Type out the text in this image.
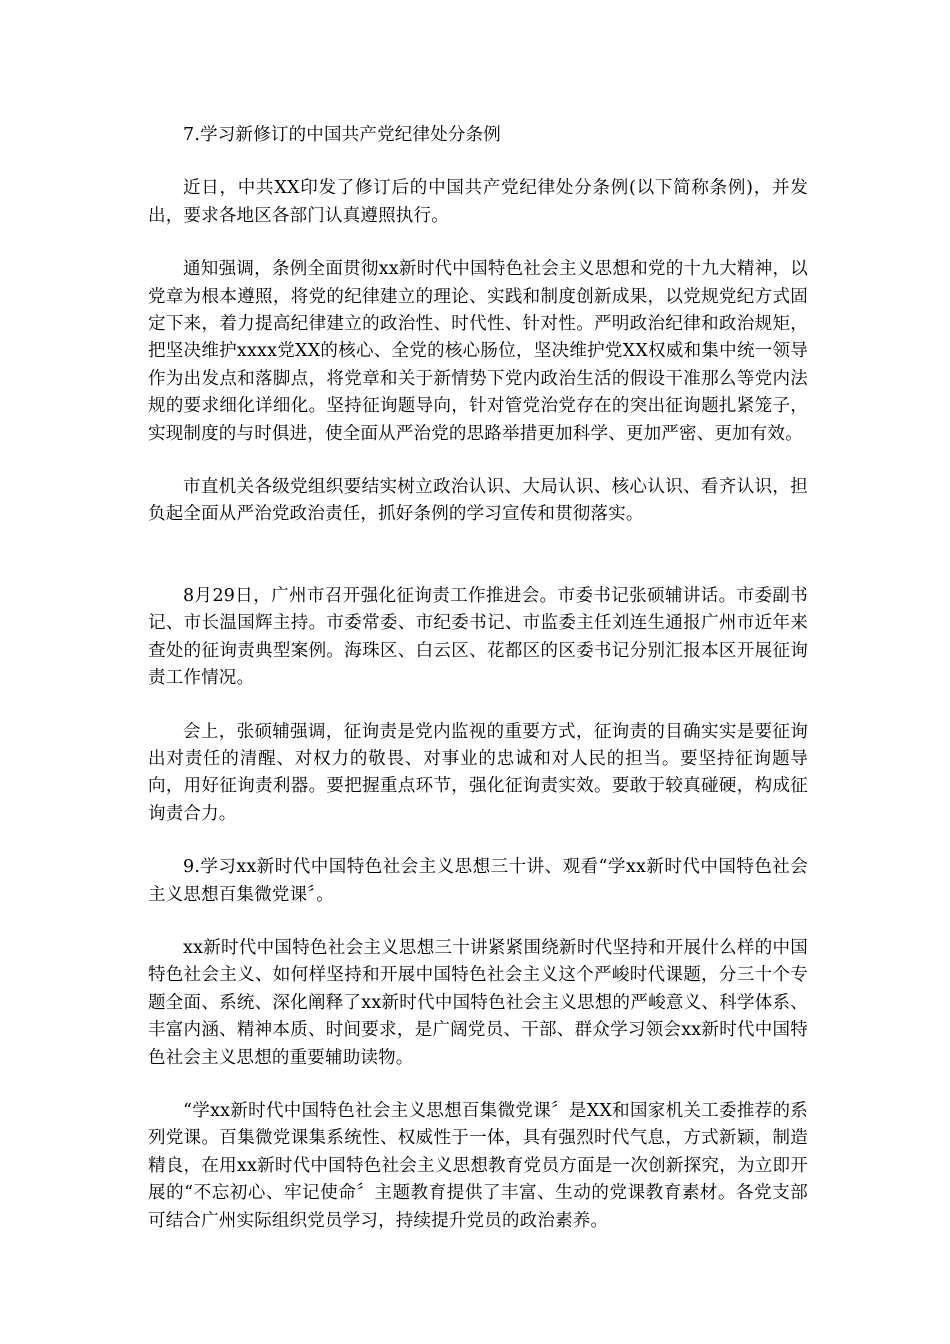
7.学习新修订的中国共产党纪律处分条例

近日，中共XX印发了修订后的中国共产党纪律处分条例(以下简称条例)，并发出，要求各地区各部门认真遵照执行。

通知强调，条例全面贯彻xx新时代中国特色社会主义思想和党的十九大精神，以党章为根本遵照，将党的纪律建立的理论、实践和制度创新成果，以党规党纪方式固定下来，着力提高纪律建立的政治性、时代性、针对性。严明政治纪律和政治规矩，把坚决维护xxxx党XX的核心、全党的核心肠位，坚决维护党XX权威和集中统一领导作为出发点和落脚点，将党章和关于新情势下党内政治生活的假设干准那么等党内法规的要求细化详细化。坚持征询题导向，针对管党治党存在的突出征询题扎紧笼子，实现制度的与时俱进，使全面从严治党的思路举措更加科学、更加严密、更加有效。

市直机关各级党组织要结实树立政治认识、大局认识、核心认识、看齐认识，担负起全面从严治党政治责任，抓好条例的学习宣传和贯彻落实。

8月29日，广州市召开强化征询责工作推进会。市委书记张硕辅讲话。市委副书记、市长温国辉主持。市委常委、市纪委书记、市监委主任刘连生通报广州市近年来查处的征询责典型案例。海珠区、白云区、花都区的区委书记分别汇报本区开展征询责工作情况。

会上，张硕辅强调，征询责是党内监视的重要方式，征询责的目确实实是要征询出对责任的清醒、对权力的敬畏、对事业的忠诚和对人民的担当。要坚持征询题导向，用好征询责利器。要把握重点环节，强化征询责实效。要敢于较真碰硬，构成征询责合力。

9.学习xx新时代中国特色社会主义思想三十讲、观看“学xx新时代中国特色社会主义思想百集微党课〞。

xx新时代中国特色社会主义思想三十讲紧紧围绕新时代坚持和开展什么样的中国特色社会主义、如何样坚持和开展中国特色社会主义这个严峻时代课题，分三十个专题全面、系统、深化阐释了xx新时代中国特色社会主义思想的严峻意义、科学体系、丰富内涵、精神本质、时间要求，是广阔党员、干部、群众学习领会xx新时代中国特色社会主义思想的重要辅助读物。

“学xx新时代中国特色社会主义思想百集微党课〞是XX和国家机关工委推荐的系列党课。百集微党课集系统性、权威性于一体，具有强烈时代气息，方式新颖，制造精良，在用xx新时代中国特色社会主义思想教育党员方面是一次创新探究，为立即开展的“不忘初心、牢记使命〞主题教育提供了丰富、生动的党课教育素材。各党支部可结合广州实际组织党员学习，持续提升党员的政治素养。
